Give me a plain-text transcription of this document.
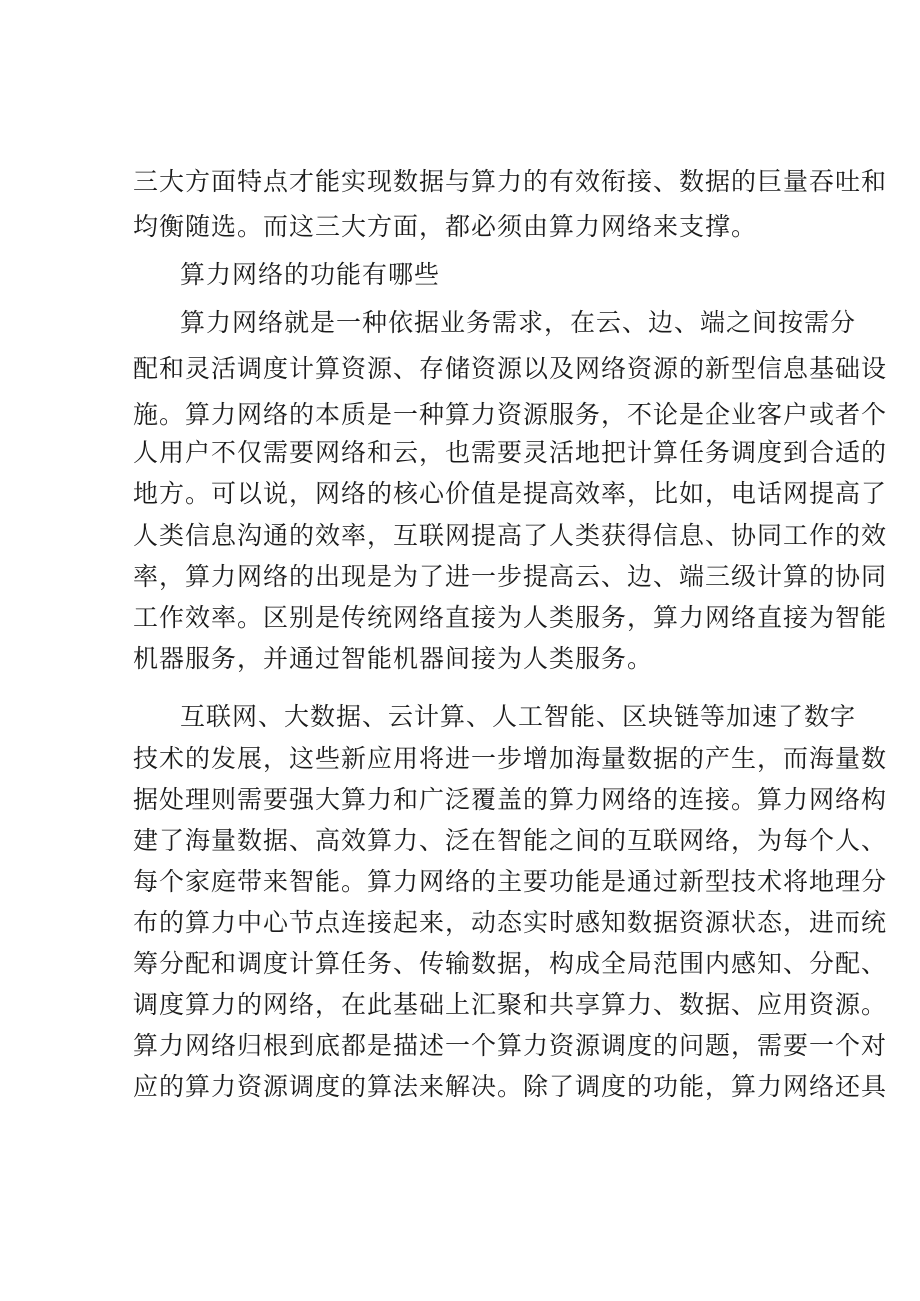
三大方面特点才能实现数据与算力的有效衔接、数据的巨量吞吐和

均衡随选。而这三大方面，都必须由算力网络来支撑。

算力网络的功能有哪些

算力网络就是一种依据业务需求，在云、边、端之间按需分

配和灵活调度计算资源、存储资源以及网络资源的新型信息基础设

施。算力网络的本质是一种算力资源服务，不论是企业客户或者个

人用户不仅需要网络和云，也需要灵活地把计算任务调度到合适的

地方。可以说，网络的核心价值是提高效率，比如，电话网提高了

人类信息沟通的效率，互联网提高了人类获得信息、协同工作的效

率，算力网络的出现是为了进一步提高云、边、端三级计算的协同

工作效率。区别是传统网络直接为人类服务，算力网络直接为智能

机器服务，并通过智能机器间接为人类服务。

互联网、大数据、云计算、人工智能、区块链等加速了数字

技术的发展，这些新应用将进一步增加海量数据的产生，而海量数

据处理则需要强大算力和广泛覆盖的算力网络的连接。算力网络构

建了海量数据、高效算力、泛在智能之间的互联网络，为每个人、

每个家庭带来智能。算力网络的主要功能是通过新型技术将地理分

布的算力中心节点连接起来，动态实时感知数据资源状态，进而统

筹分配和调度计算任务、传输数据，构成全局范围内感知、分配、

调度算力的网络，在此基础上汇聚和共享算力、数据、应用资源。

算力网络归根到底都是描述一个算力资源调度的问题，需要一个对

应的算力资源调度的算法来解决。除了调度的功能，算力网络还具
